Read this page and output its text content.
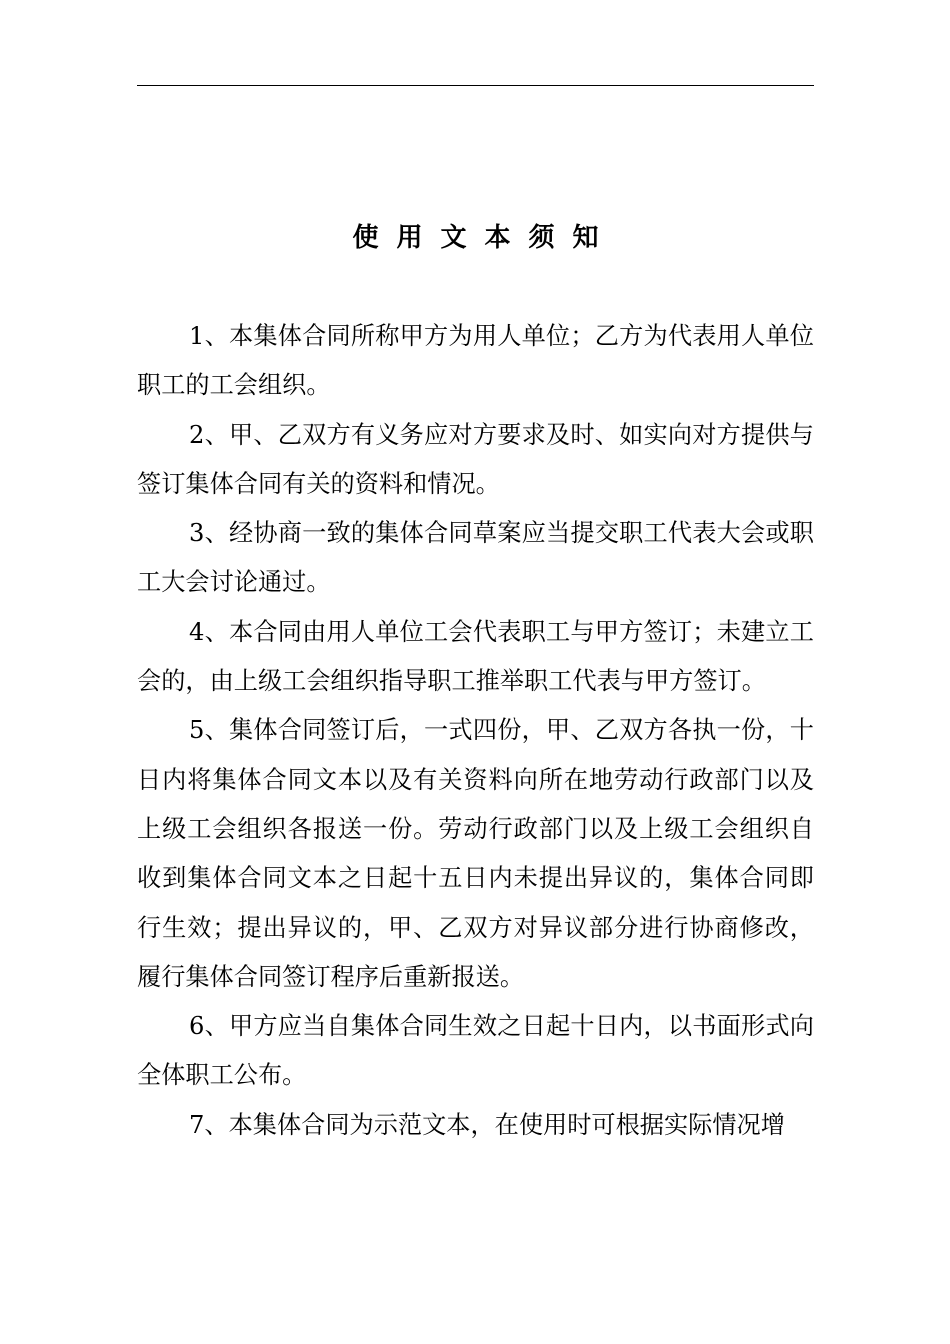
使用文本须知

1、本集体合同所称甲方为用人单位；乙方为代表用人单位职工的工会组织。

2、甲、乙双方有义务应对方要求及时、如实向对方提供与签订集体合同有关的资料和情况。

3、经协商一致的集体合同草案应当提交职工代表大会或职工大会讨论通过。

4、本合同由用人单位工会代表职工与甲方签订；未建立工会的，由上级工会组织指导职工推举职工代表与甲方签订。

5、集体合同签订后，一式四份，甲、乙双方各执一份，十日内将集体合同文本以及有关资料向所在地劳动行政部门以及上级工会组织各报送一份。劳动行政部门以及上级工会组织自收到集体合同文本之日起十五日内未提出异议的，集体合同即行生效；提出异议的，甲、乙双方对异议部分进行协商修改，履行集体合同签订程序后重新报送。

6、甲方应当自集体合同生效之日起十日内，以书面形式向全体职工公布。

7、本集体合同为示范文本，在使用时可根据实际情况增
